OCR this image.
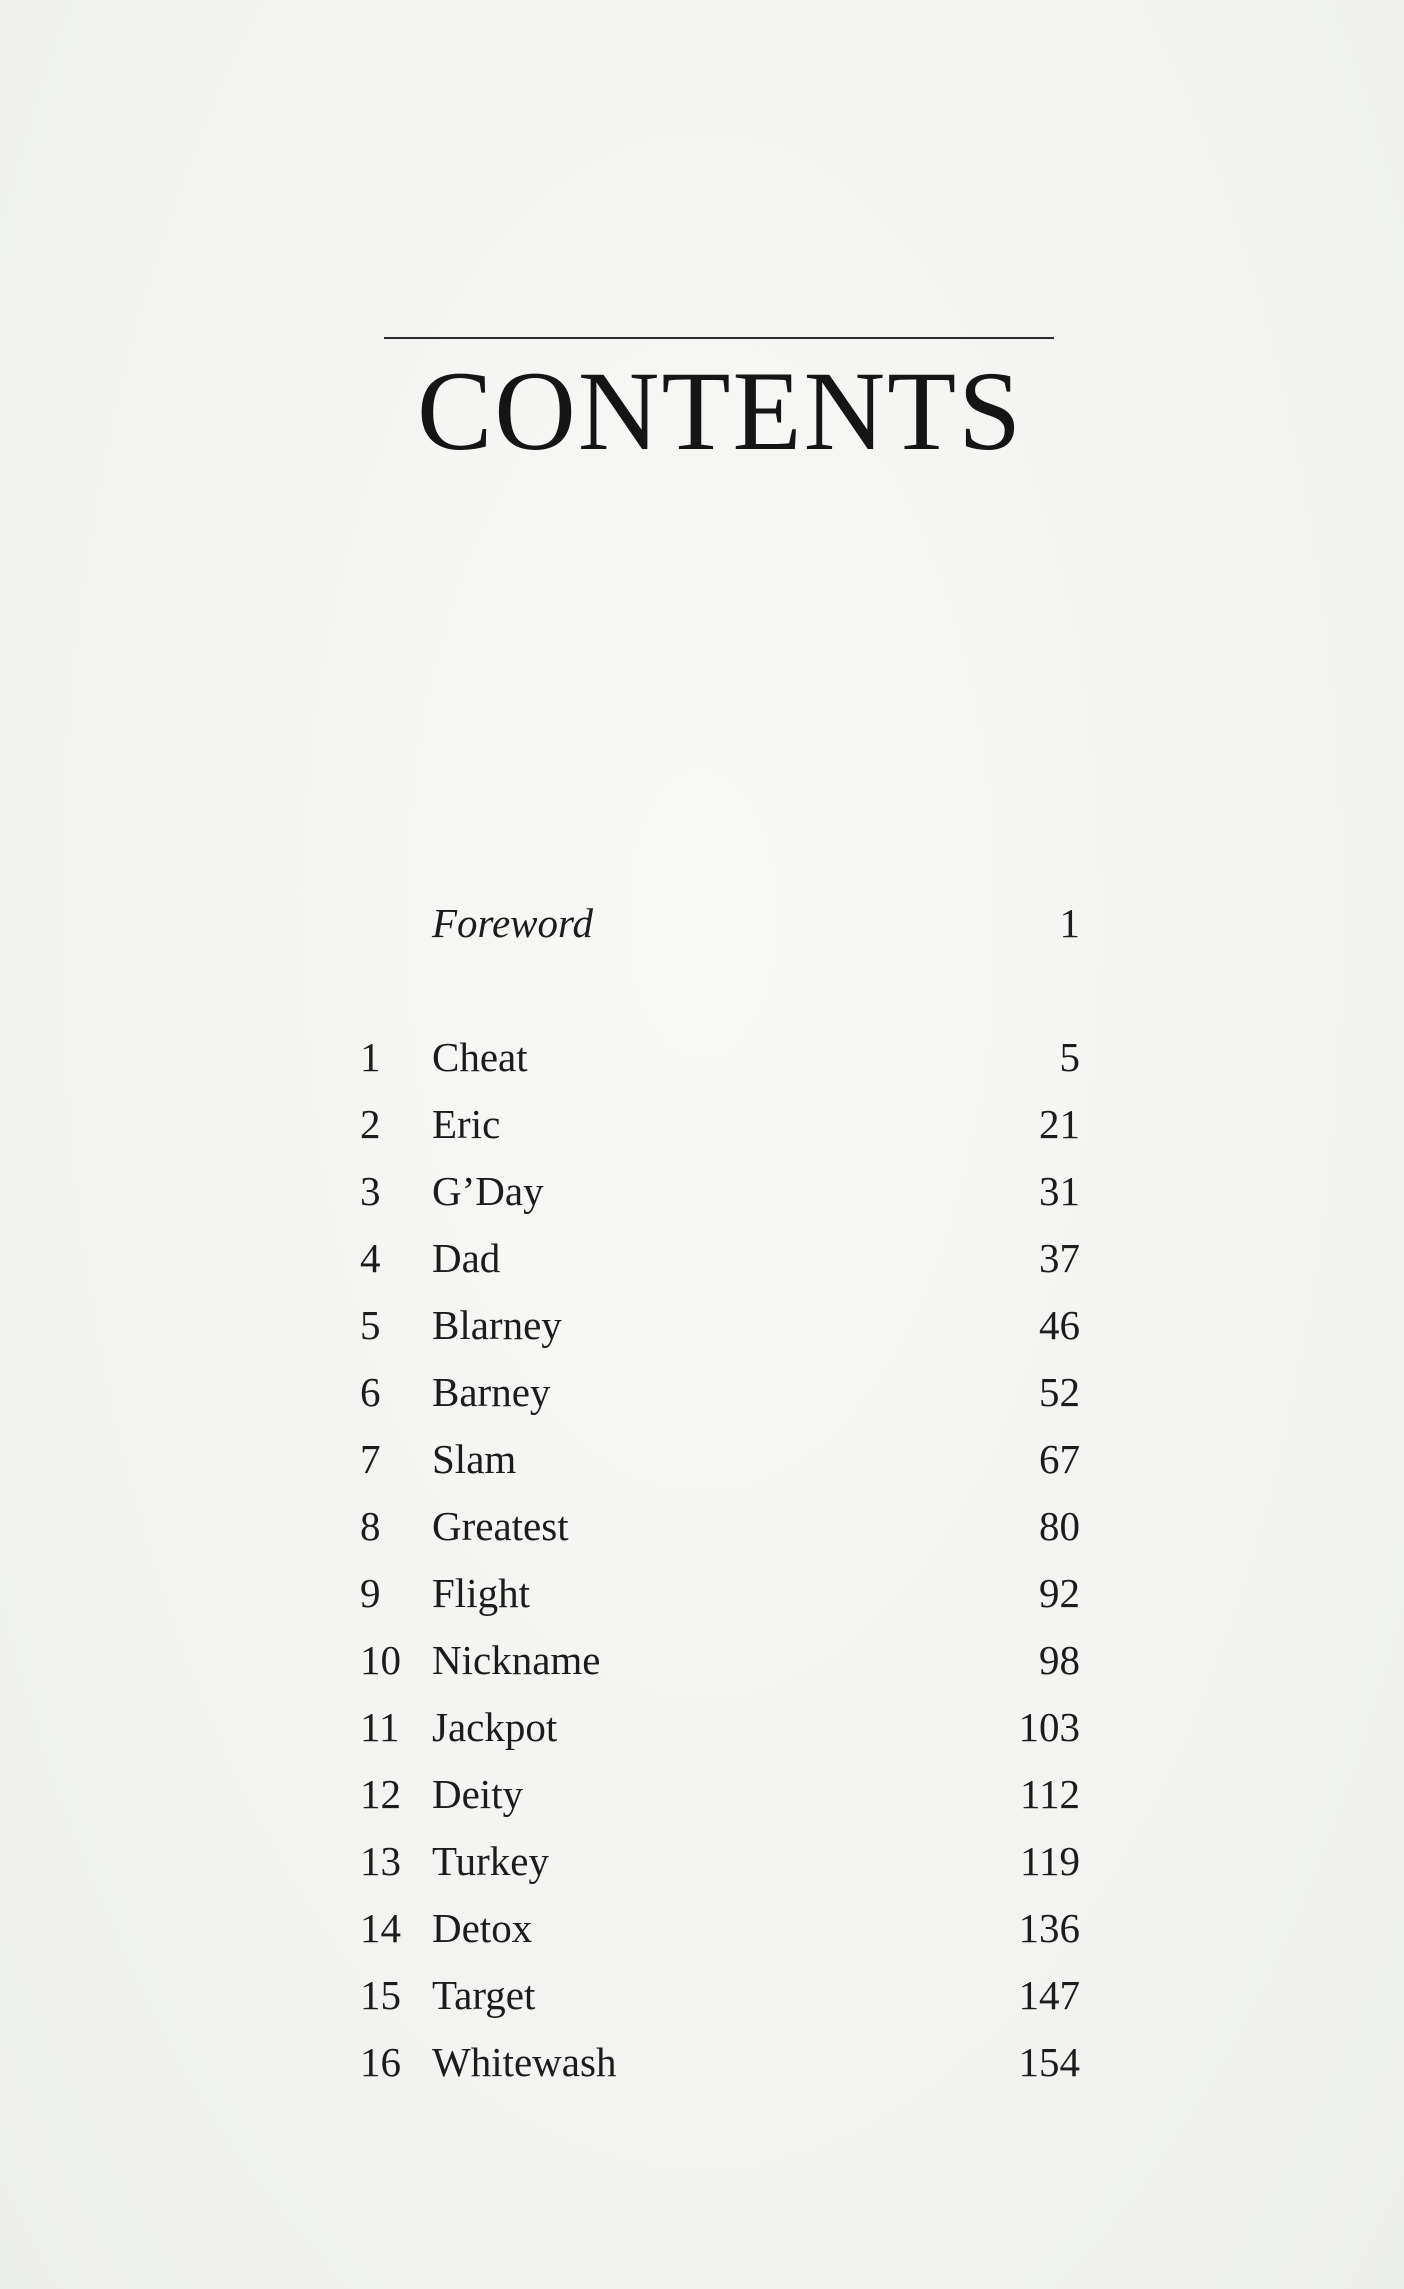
CONTENTS
Foreword	1
1	Cheat	5
2	Eric	21
3	G’Day	31
4	Dad	37
5	Blarney	46
6	Barney	52
7	Slam	67
8	Greatest	80
9	Flight	92
10 Nickname	98
11 Jackpot	103
12 Deity	112
13 Turkey	119
14 Detox	136
15 Target	147
16 Whitewash	154
